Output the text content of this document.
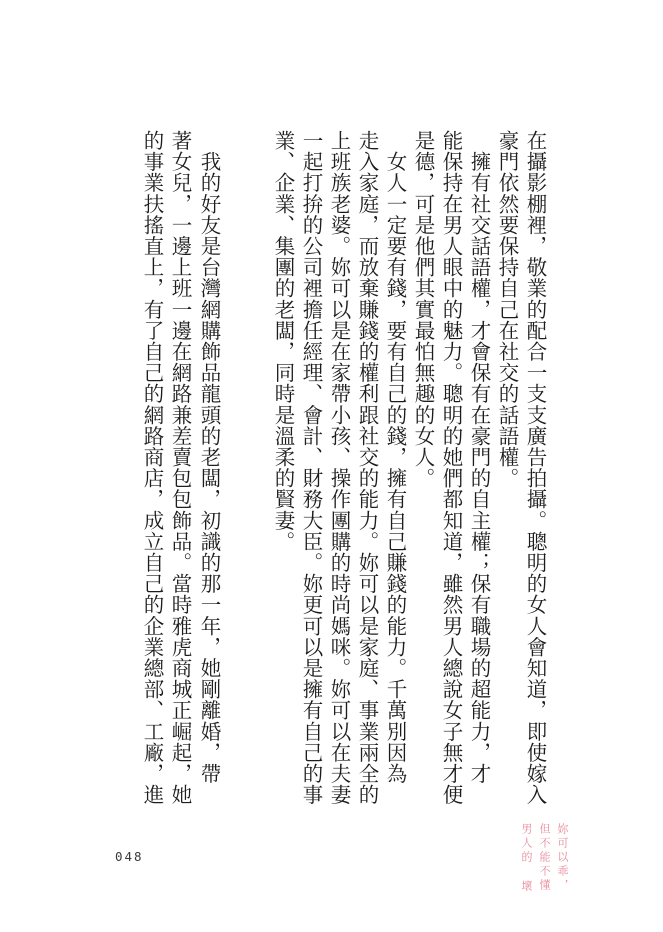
在攝影棚裡，敬業的配合一支支廣告拍攝。聰明的女人會知道，即使嫁入
豪門依然要保持自己在社交的話語權。
　擁有社交話語權，才會保有在豪門的自主權；保有職場的超能力，才
能保持在男人眼中的魅力。聰明的她們都知道，雖然男人總說女子無才便
是德，可是他們其實最怕無趣的女人。
　女人一定要有錢，要有自己的錢，擁有自己賺錢的能力。千萬別因為
走入家庭，而放棄賺錢的權利跟社交的能力。妳可以是家庭、事業兩全的
上班族老婆。妳可以是在家帶小孩、操作團購的時尚媽咪。妳可以在夫妻
一起打拚的公司裡擔任經理、會計、財務大臣。妳更可以是擁有自己的事
業、企業、集團的老闆，同時是溫柔的賢妻。
　我的好友是台灣網購飾品龍頭的老闆，初識的那一年，她剛離婚，帶
著女兒，一邊上班一邊在網路兼差賣包包飾品。當時雅虎商城正崛起，她
的事業扶搖直上，有了自己的網路商店，成立自己的企業總部、工廠，進
妳可以乖，
但不能不懂
男人的
壞
048
